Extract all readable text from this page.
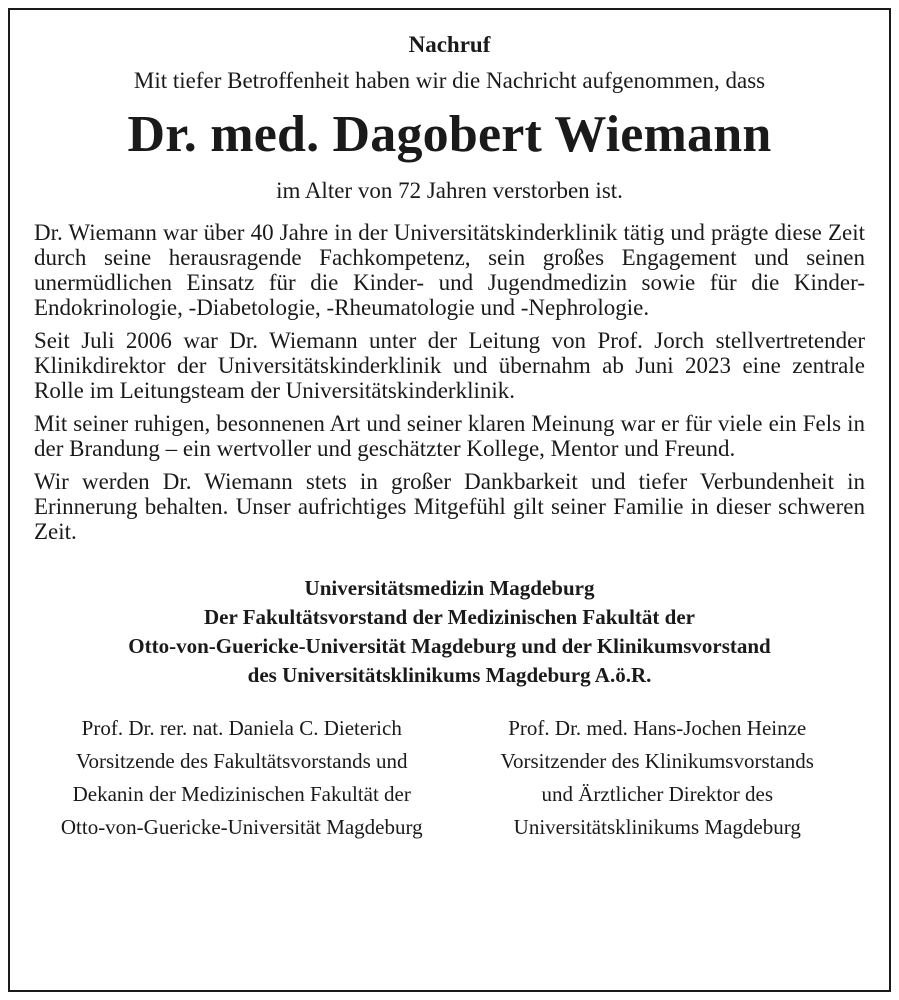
Nachruf

Mit tiefer Betroffenheit haben wir die Nachricht aufgenommen, dass

Dr. med. Dagobert Wiemann

im Alter von 72 Jahren verstorben ist.

Dr. Wiemann war über 40 Jahre in der Universitätskinderklinik tätig und prägte diese Zeit durch seine herausragende Fachkompetenz, sein großes Engagement und seinen unermüdlichen Einsatz für die Kinder- und Jugendmedizin sowie für die Kinder-Endokrinologie, -Diabetologie, -Rheumatologie und -Nephrologie.

Seit Juli 2006 war Dr. Wiemann unter der Leitung von Prof. Jorch stellvertretender Klinikdirektor der Universitätskinderklinik und übernahm ab Juni 2023 eine zentrale Rolle im Leitungsteam der Universitätskinderklinik.

Mit seiner ruhigen, besonnenen Art und seiner klaren Meinung war er für viele ein Fels in der Brandung – ein wertvoller und geschätzter Kollege, Mentor und Freund.

Wir werden Dr. Wiemann stets in großer Dankbarkeit und tiefer Verbundenheit in Erinnerung behalten. Unser aufrichtiges Mitgefühl gilt seiner Familie in dieser schweren Zeit.

Universitätsmedizin Magdeburg

Der Fakultätsvorstand der Medizinischen Fakultät der

Otto-von-Guericke-Universität Magdeburg und der Klinikumsvorstand

des Universitätsklinikums Magdeburg A.ö.R.

Prof. Dr. rer. nat. Daniela C. Dieterich

Vorsitzende des Fakultätsvorstands und

Dekanin der Medizinischen Fakultät der

Otto-von-Guericke-Universität Magdeburg

Prof. Dr. med. Hans-Jochen Heinze

Vorsitzender des Klinikumsvorstands

und Ärztlicher Direktor des

Universitätsklinikums Magdeburg
